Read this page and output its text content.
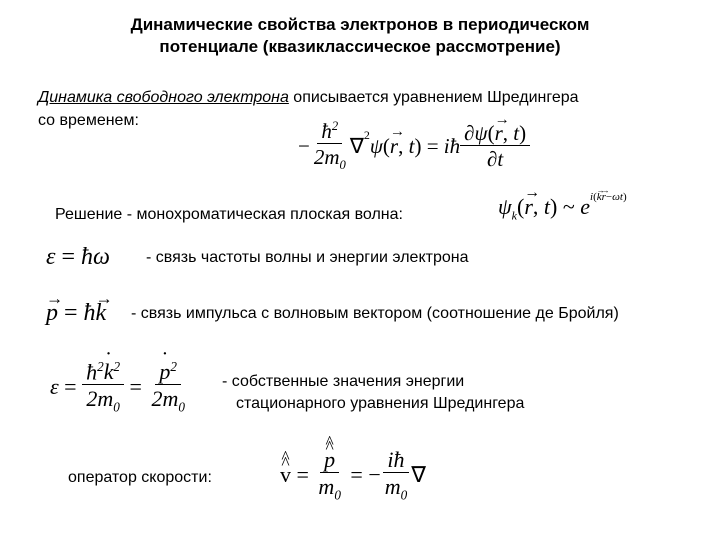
Динамические свойства электронов в периодическом
потенциале (квазиклассическое рассмотрение)
Динамика свободного электрона описывается уравнением Шредингера со временем:
− $\frac{ħ^2}{2m_0} \nabla^2$ ψ ( → r , t )
= iħ $\frac{\partial\psi(\to r, t)}{\partial t}$
Решение - монохроматическая плоская волна:	$\psi_k(\to r$, t) ~ $e^{i(\to k\to r-\omega t)}$
ε = ħω - связь частоты волны и энергии электрона
→ p = ħ→ k - связь импульса с волновым вектором (соотношение де Бройля)
ε =
$\frac{ħ^2\cdot k^2}{2m_0}$
=
· $\frac{p^2}{2m_0}$ - собственные значения энергии
стационарного уравнения Шредингера
оператор скорости:	^ v ^
=
^ $\frac{p \^{}}{m_0}$
=
− $\frac{iħ}{m_0}$ ∇
